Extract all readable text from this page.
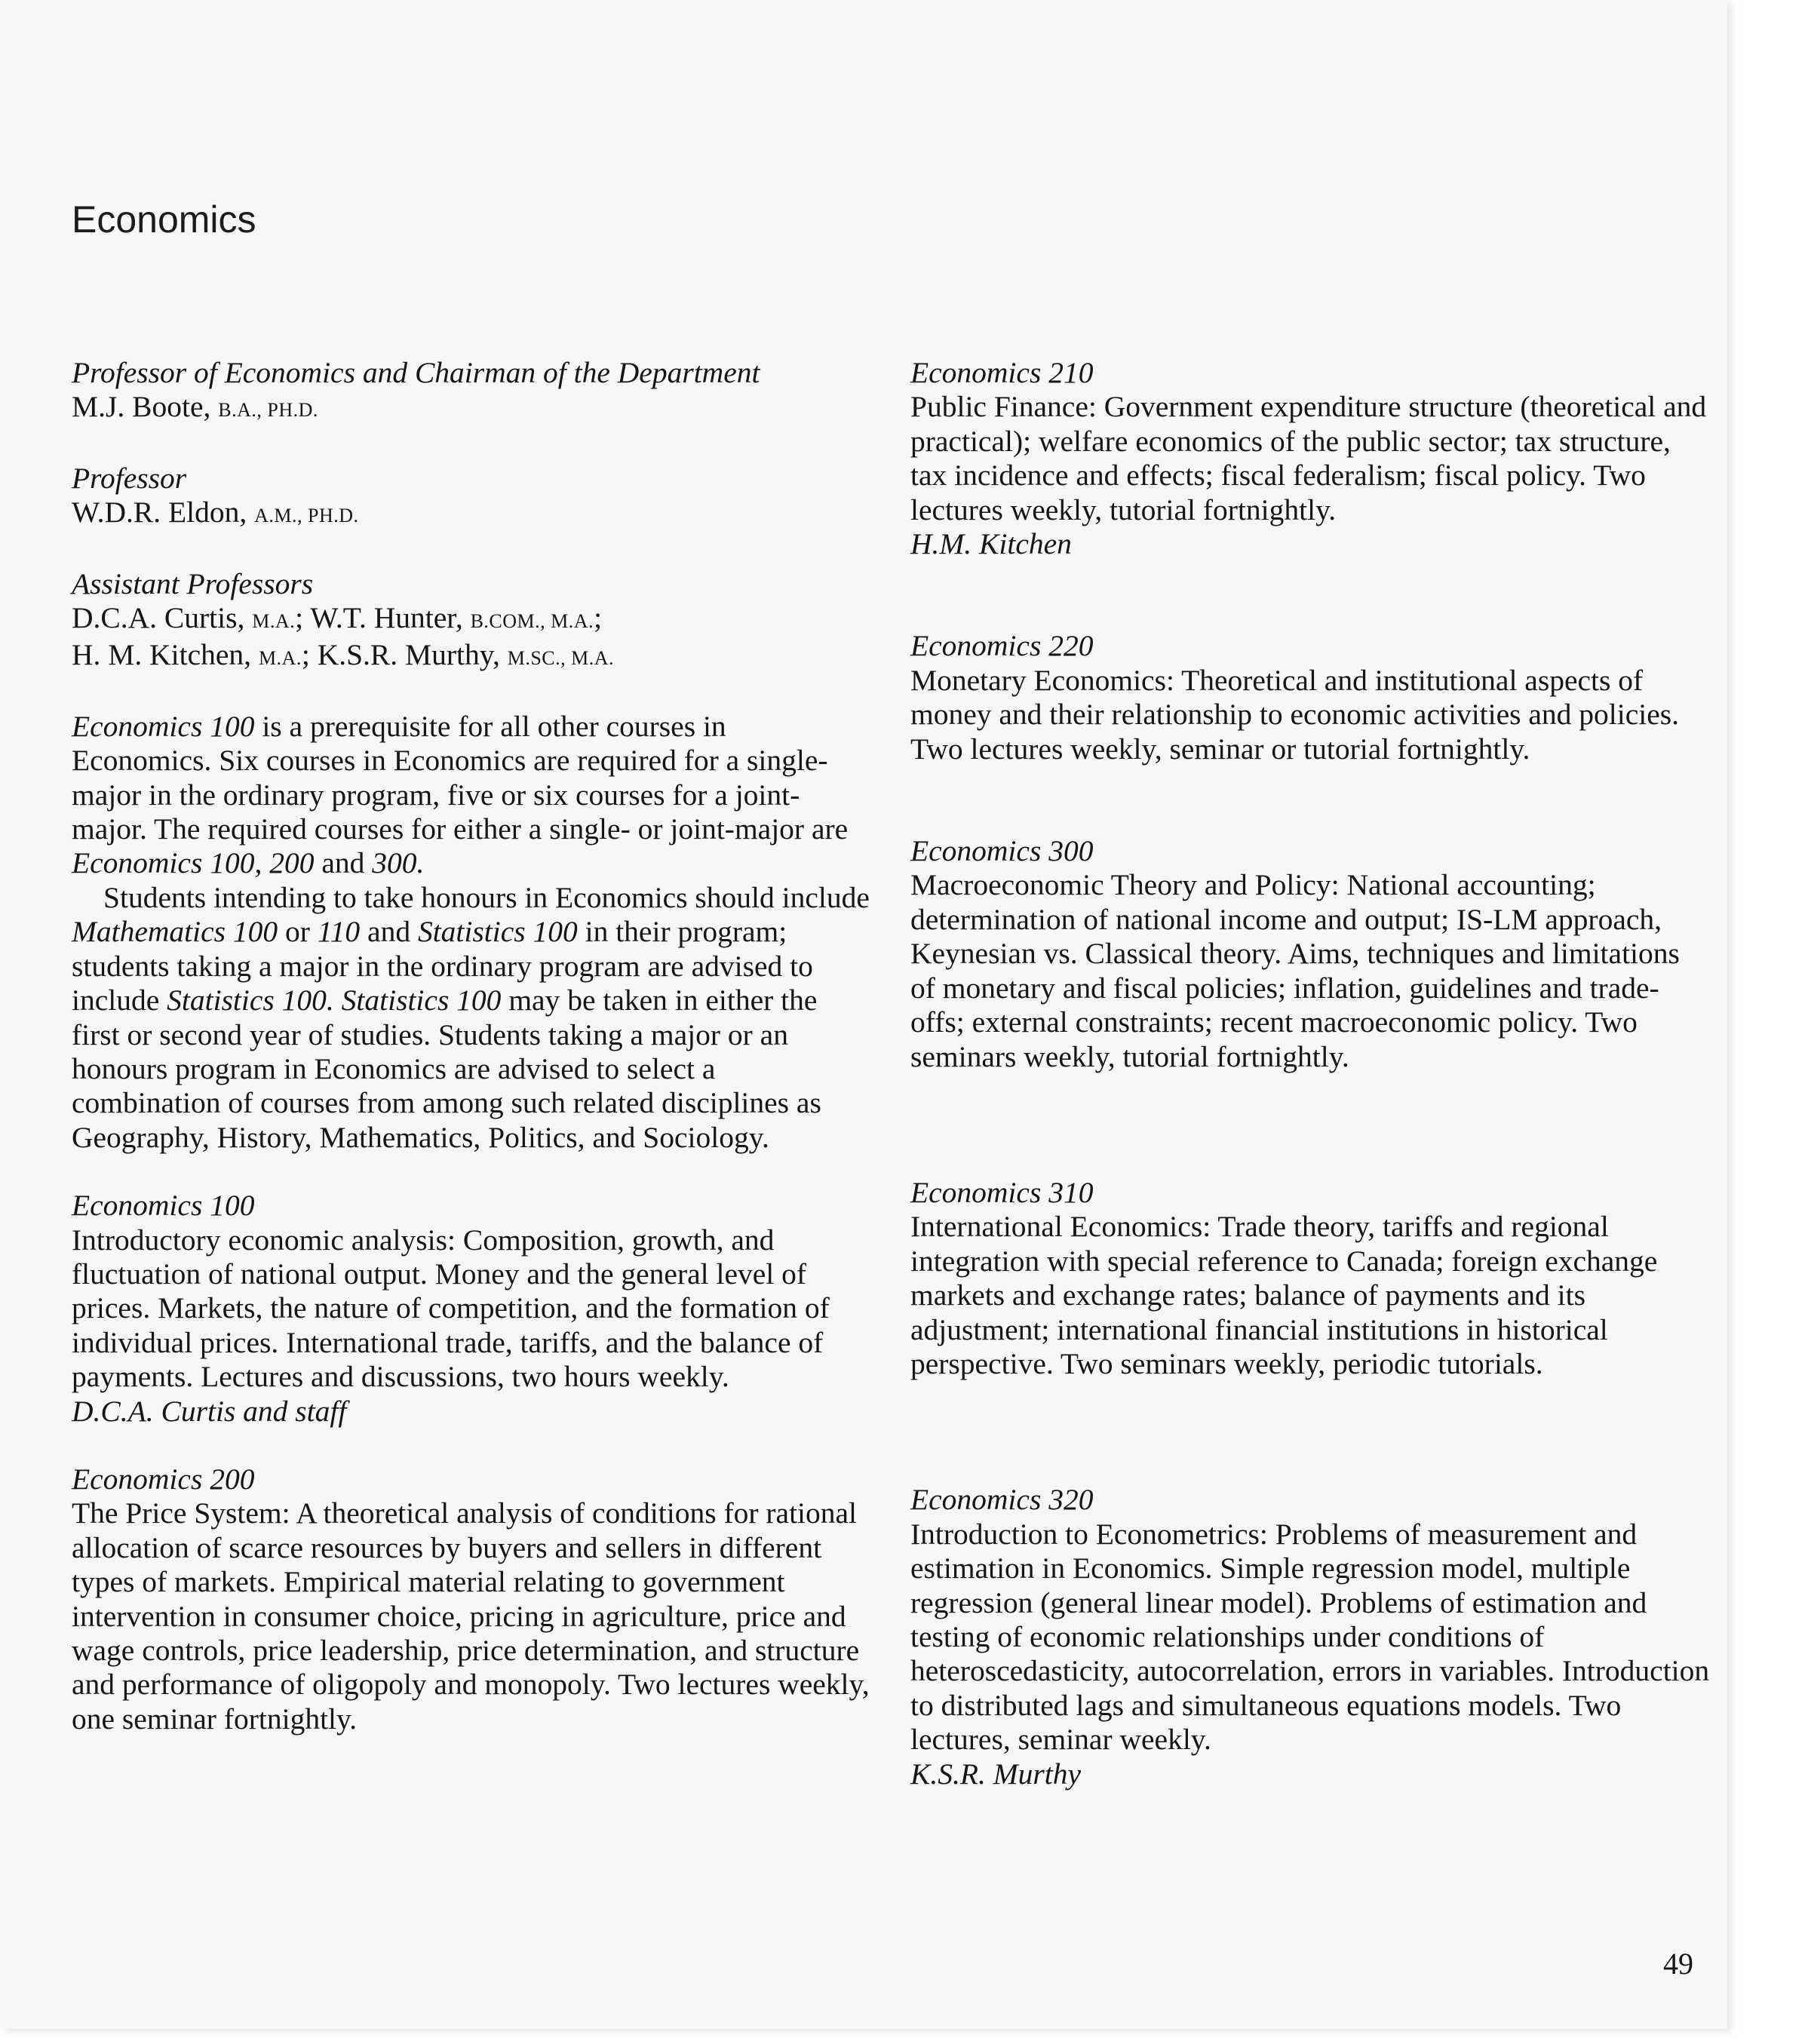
Economics

Professor of Economics and Chairman of the Department

M.J. Boote, B.A., PH.D.

Professor

W.D.R. Eldon, A.M., PH.D.

Assistant Professors

D.C.A. Curtis, M.A.; W.T. Hunter, B.COM., M.A.;

H. M. Kitchen, M.A.; K.S.R. Murthy, M.SC., M.A.

Economics 100 is a prerequisite for all other courses in Economics. Six courses in Economics are required for a single-major in the ordinary program, five or six courses for a joint-major. The required courses for either a single- or joint-major are Economics 100, 200 and 300.

Students intending to take honours in Economics should include Mathematics 100 or 110 and Statistics 100 in their program; students taking a major in the ordinary program are advised to include Statistics 100. Statistics 100 may be taken in either the first or second year of studies. Students taking a major or an honours program in Economics are advised to select a combination of courses from among such related disciplines as Geography, History, Mathematics, Politics, and Sociology.

Economics 100

Introductory economic analysis: Composition, growth, and fluctuation of national output. Money and the general level of prices. Markets, the nature of competition, and the formation of individual prices. International trade, tariffs, and the balance of payments. Lectures and discussions, two hours weekly.

D.C.A. Curtis and staff

Economics 200

The Price System: A theoretical analysis of conditions for rational allocation of scarce resources by buyers and sellers in different types of markets. Empirical material relating to government intervention in consumer choice, pricing in agriculture, price and wage controls, price leadership, price determination, and structure and performance of oligopoly and monopoly. Two lectures weekly, one seminar fortnightly.

Economics 210

Public Finance: Government expenditure structure (theoretical and practical); welfare economics of the public sector; tax structure, tax incidence and effects; fiscal federalism; fiscal policy. Two lectures weekly, tutorial fortnightly.

H.M. Kitchen

Economics 220

Monetary Economics: Theoretical and institutional aspects of money and their relationship to economic activities and policies. Two lectures weekly, seminar or tutorial fortnightly.

Economics 300

Macroeconomic Theory and Policy: National accounting; determination of national income and output; IS-LM approach, Keynesian vs. Classical theory. Aims, techniques and limitations of monetary and fiscal policies; inflation, guidelines and trade-offs; external constraints; recent macroeconomic policy. Two seminars weekly, tutorial fortnightly.

Economics 310

International Economics: Trade theory, tariffs and regional integration with special reference to Canada; foreign exchange markets and exchange rates; balance of payments and its adjustment; international financial institutions in historical perspective. Two seminars weekly, periodic tutorials.

Economics 320

Introduction to Econometrics: Problems of measurement and estimation in Economics. Simple regression model, multiple regression (general linear model). Problems of estimation and testing of economic relationships under conditions of heteroscedasticity, autocorrelation, errors in variables. Introduction to distributed lags and simultaneous equations models. Two lectures, seminar weekly.

K.S.R. Murthy

49
